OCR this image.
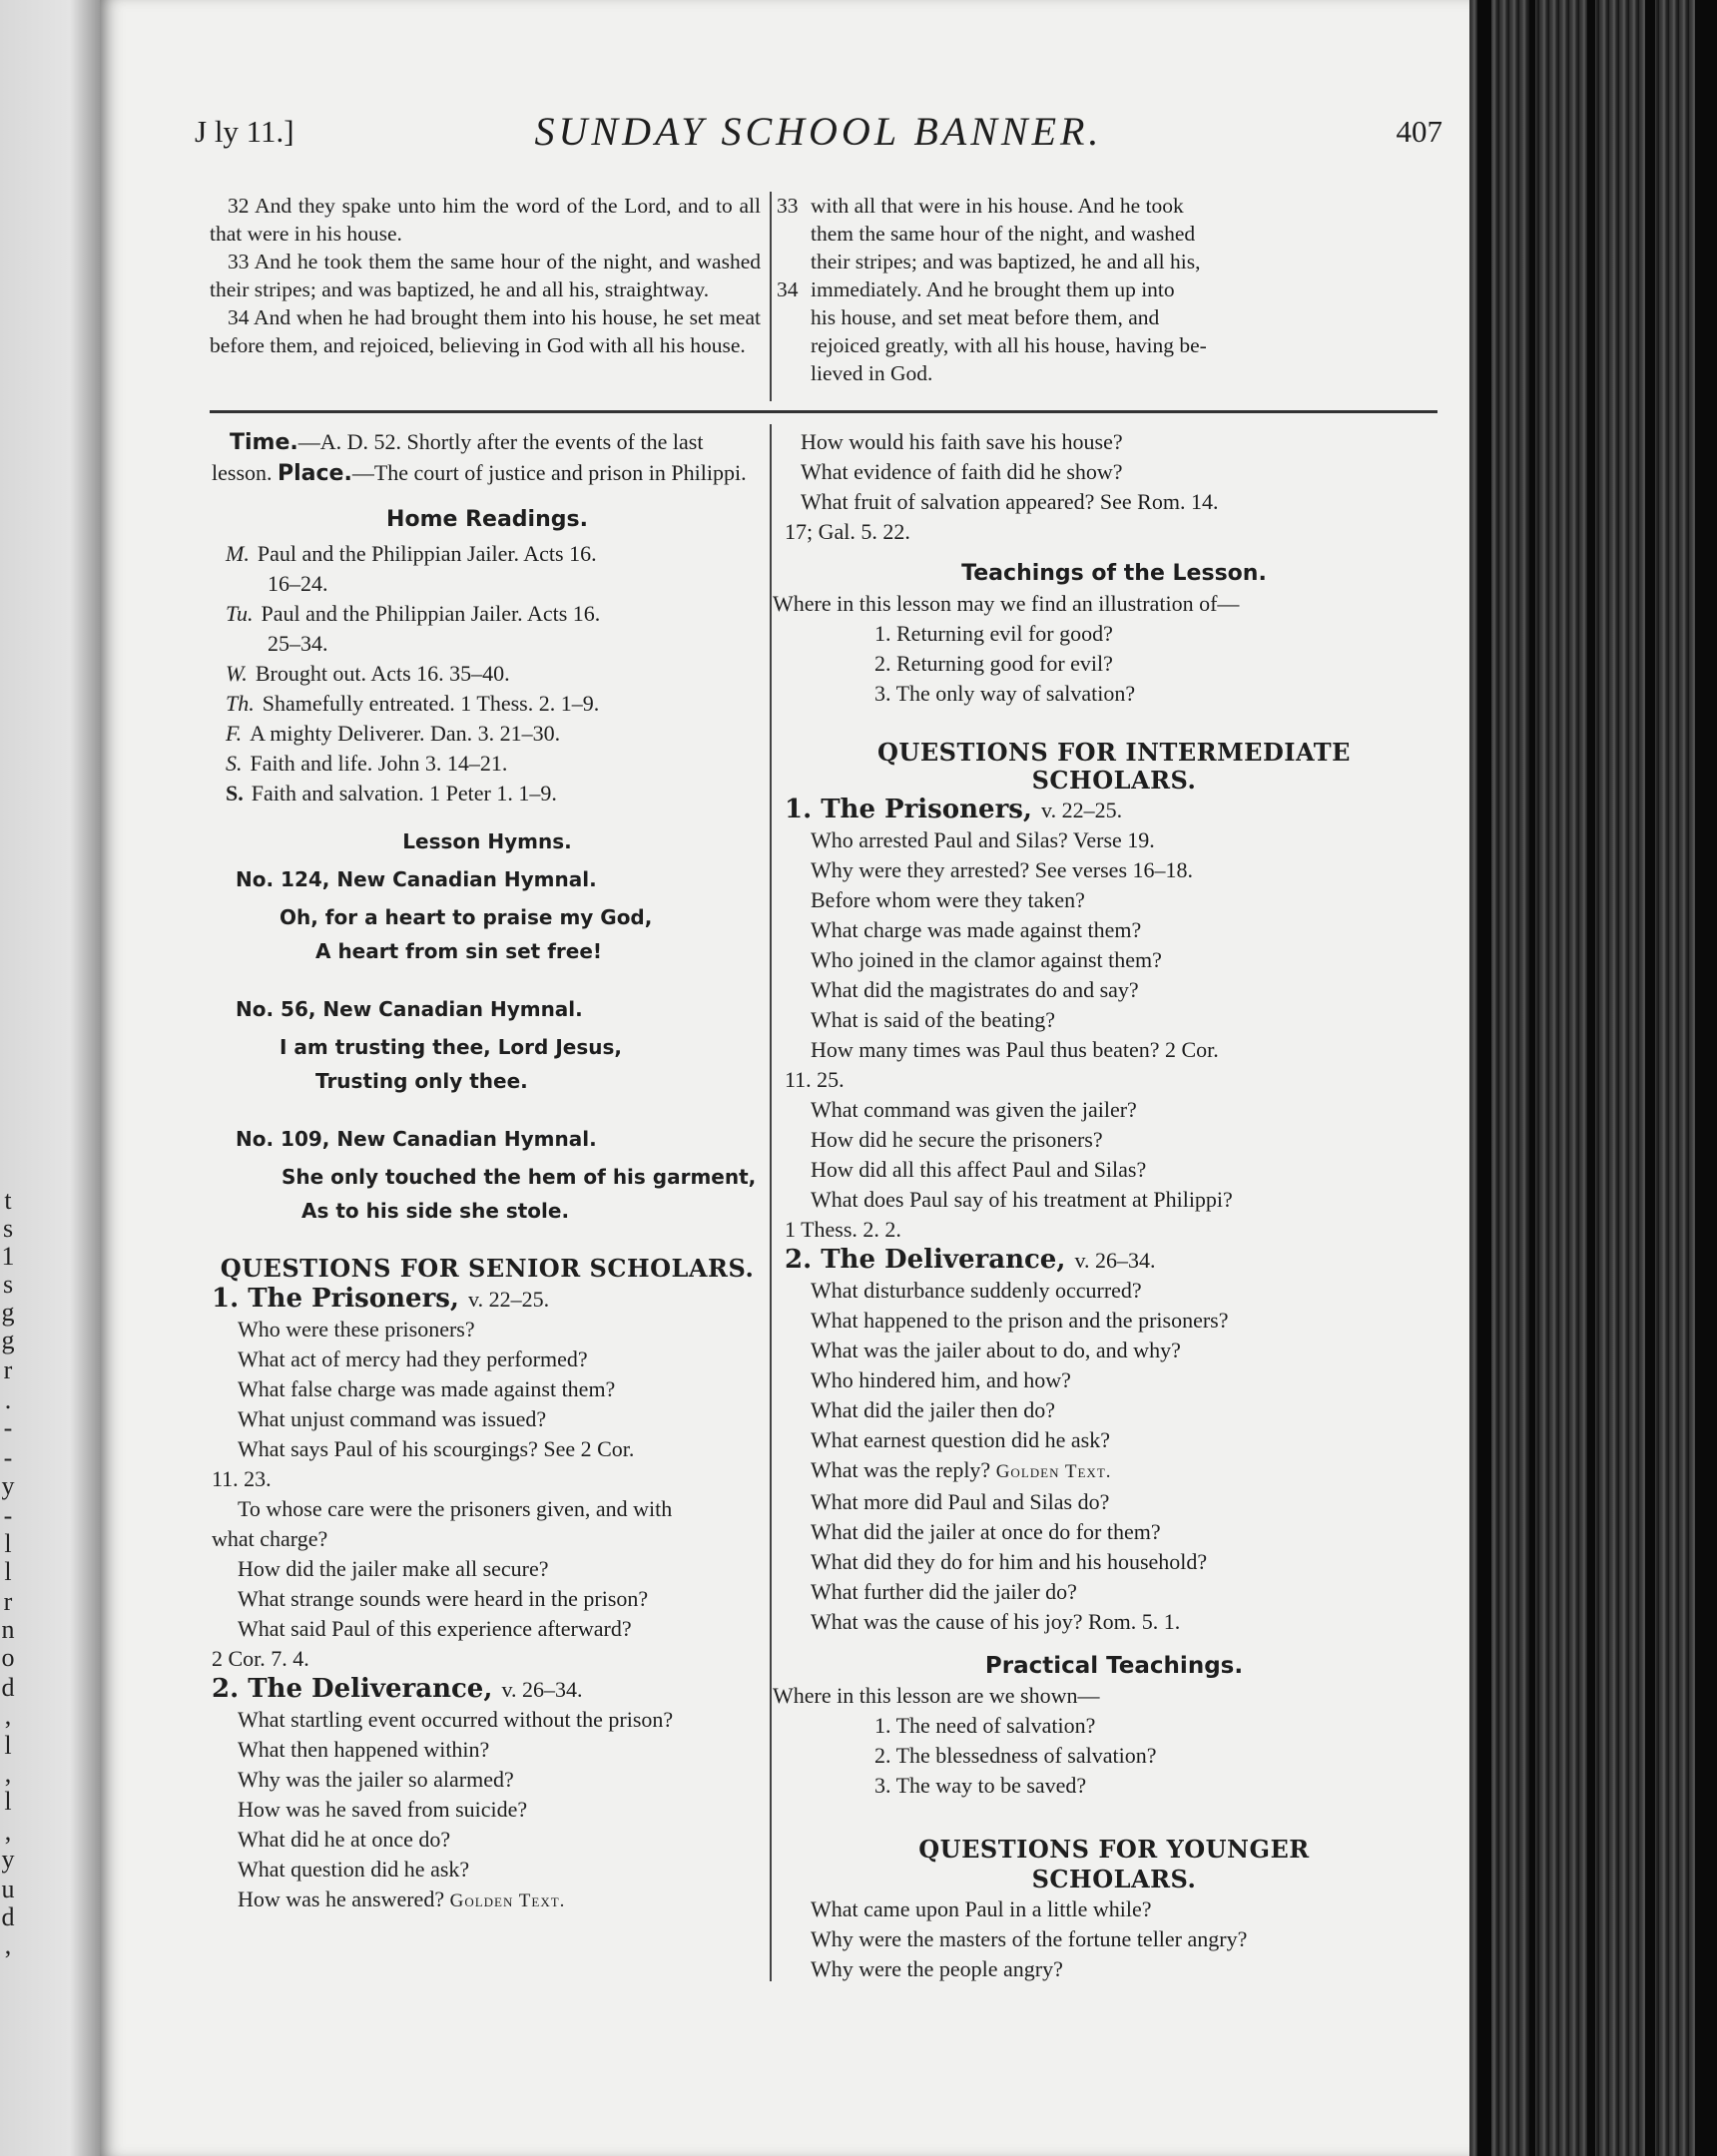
t
s
1
s
g
g
r
.
-
-
y
-
l
l
r
n
o
d
,
l
,
l
,
y
u
d
,
J ly 11.]	SUNDAY SCHOOL BANNER.	407

32 And they spake unto him the word of the Lord, and to all that were in his house.

33 And he took them the same hour of the night, and washed their stripes; and was baptized, he and all his, straightway.

34 And when he had brought them into his house, he set meat before them, and rejoiced, believing in God with all his house.

33 with all that were in his house. And he took
them the same hour of the night, and washed
their stripes; and was baptized, he and all his,
34 immediately. And he brought them up into
his house, and set meat before them, and
rejoiced greatly, with all his house, having be-
lieved in God.

Time.—A. D. 52. Shortly after the events of the last lesson. Place.—The court of justice and prison in Philippi.

Home Readings.

M. Paul and the Philippian Jailer. Acts 16.

16–24.

Tu. Paul and the Philippian Jailer. Acts 16.

25–34.

W. Brought out. Acts 16. 35–40.

Th. Shamefully entreated. 1 Thess. 2. 1–9.

F. A mighty Deliverer. Dan. 3. 21–30.

S. Faith and life. John 3. 14–21.

S. Faith and salvation. 1 Peter 1. 1–9.

Lesson Hymns.

No. 124, New Canadian Hymnal.

Oh, for a heart to praise my God,

A heart from sin set free!

No. 56, New Canadian Hymnal.

I am trusting thee, Lord Jesus,

Trusting only thee.

No. 109, New Canadian Hymnal.

She only touched the hem of his garment,

As to his side she stole.

QUESTIONS FOR SENIOR SCHOLARS.

1. The Prisoners, v. 22–25.

Who were these prisoners?

What act of mercy had they performed?

What false charge was made against them?

What unjust command was issued?

What says Paul of his scourgings? See 2 Cor.

11. 23.

To whose care were the prisoners given, and with

what charge?

How did the jailer make all secure?

What strange sounds were heard in the prison?

What said Paul of this experience afterward?

2 Cor. 7. 4.

2. The Deliverance, v. 26–34.

What startling event occurred without the prison?

What then happened within?

Why was the jailer so alarmed?

How was he saved from suicide?

What did he at once do?

What question did he ask?

How was he answered? Golden Text.

How would his faith save his house?

What evidence of faith did he show?

What fruit of salvation appeared? See Rom. 14.

17; Gal. 5. 22.

Teachings of the Lesson.

Where in this lesson may we find an illustration of—

1. Returning evil for good?

2. Returning good for evil?

3. The only way of salvation?

QUESTIONS FOR INTERMEDIATE
SCHOLARS.

1. The Prisoners, v. 22–25.

Who arrested Paul and Silas? Verse 19.

Why were they arrested? See verses 16–18.

Before whom were they taken?

What charge was made against them?

Who joined in the clamor against them?

What did the magistrates do and say?

What is said of the beating?

How many times was Paul thus beaten? 2 Cor.

11. 25.

What command was given the jailer?

How did he secure the prisoners?

How did all this affect Paul and Silas?

What does Paul say of his treatment at Philippi?

1 Thess. 2. 2.

2. The Deliverance, v. 26–34.

What disturbance suddenly occurred?

What happened to the prison and the prisoners?

What was the jailer about to do, and why?

Who hindered him, and how?

What did the jailer then do?

What earnest question did he ask?

What was the reply? Golden Text.

What more did Paul and Silas do?

What did the jailer at once do for them?

What did they do for him and his household?

What further did the jailer do?

What was the cause of his joy? Rom. 5. 1.

Practical Teachings.

Where in this lesson are we shown—

1. The need of salvation?

2. The blessedness of salvation?

3. The way to be saved?

QUESTIONS FOR YOUNGER
SCHOLARS.

What came upon Paul in a little while?

Why were the masters of the fortune teller angry?

Why were the people angry?
